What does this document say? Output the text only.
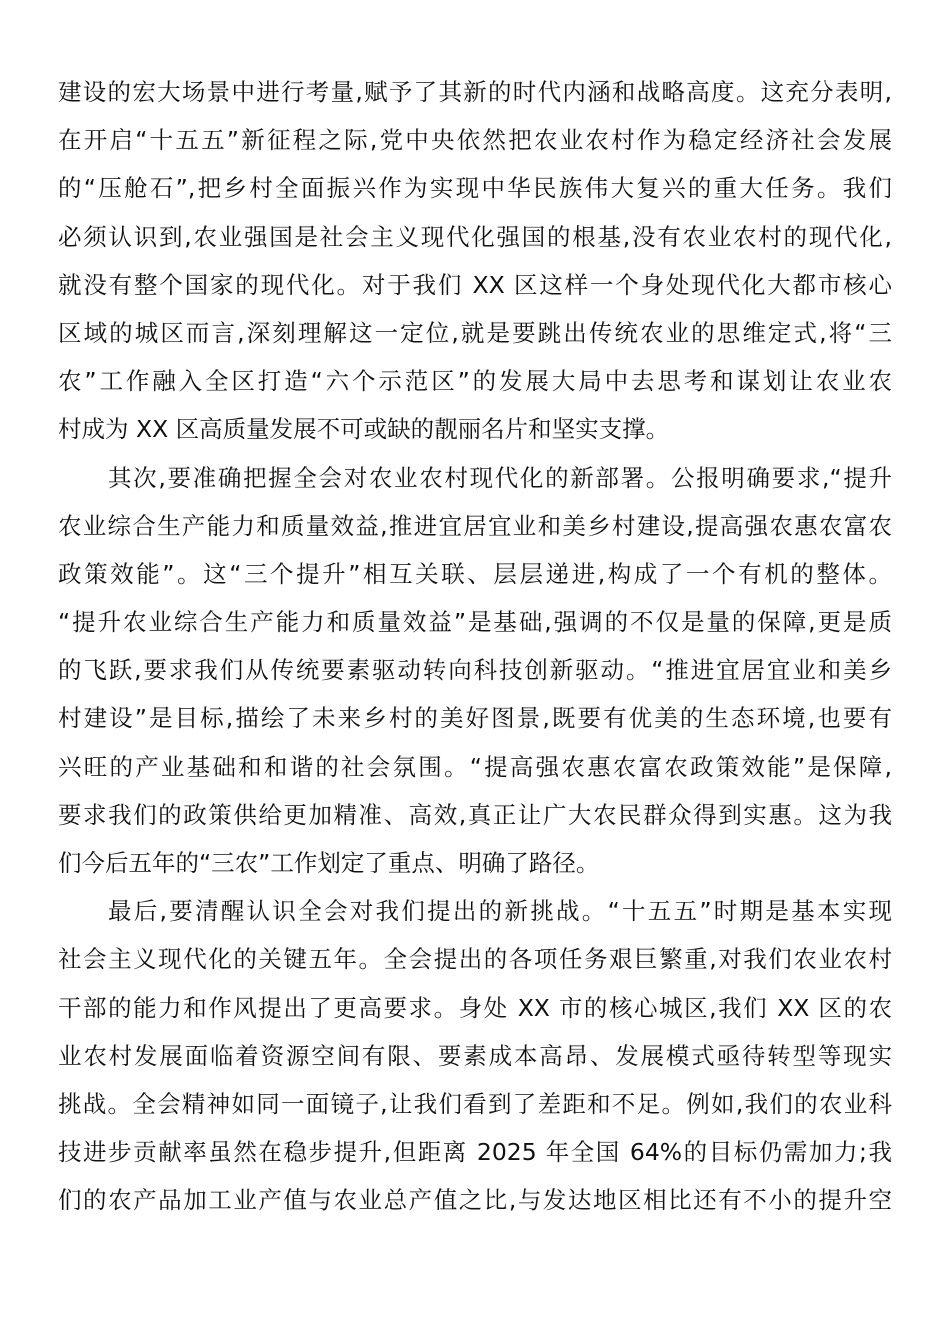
建设的宏大场景中进行考量,赋予了其新的时代内涵和战略高度。这充分表明,
在开启“十五五”新征程之际,党中央依然把农业农村作为稳定经济社会发展
的“压舱石”,把乡村全面振兴作为实现中华民族伟大复兴的重大任务。我们
必须认识到,农业强国是社会主义现代化强国的根基,没有农业农村的现代化,
就没有整个国家的现代化。对于我们 XX 区这样一个身处现代化大都市核心
区域的城区而言,深刻理解这一定位,就是要跳出传统农业的思维定式,将“三
农”工作融入全区打造“六个示范区”的发展大局中去思考和谋划让农业农
村成为 XX 区高质量发展不可或缺的靓丽名片和坚实支撑。
其次,要准确把握全会对农业农村现代化的新部署。公报明确要求,“提升
农业综合生产能力和质量效益,推进宜居宜业和美乡村建设,提高强农惠农富农
政策效能”。这“三个提升”相互关联、层层递进,构成了一个有机的整体。
“提升农业综合生产能力和质量效益”是基础,强调的不仅是量的保障,更是质
的飞跃,要求我们从传统要素驱动转向科技创新驱动。“推进宜居宜业和美乡
村建设”是目标,描绘了未来乡村的美好图景,既要有优美的生态环境,也要有
兴旺的产业基础和和谐的社会氛围。“提高强农惠农富农政策效能”是保障,
要求我们的政策供给更加精准、高效,真正让广大农民群众得到实惠。这为我
们今后五年的“三农”工作划定了重点、明确了路径。
最后,要清醒认识全会对我们提出的新挑战。“十五五”时期是基本实现
社会主义现代化的关键五年。全会提出的各项任务艰巨繁重,对我们农业农村
干部的能力和作风提出了更高要求。身处 XX 市的核心城区,我们 XX 区的农
业农村发展面临着资源空间有限、要素成本高昂、发展模式亟待转型等现实
挑战。全会精神如同一面镜子,让我们看到了差距和不足。例如,我们的农业科
技进步贡献率虽然在稳步提升,但距离 2025 年全国 64%的目标仍需加力;我
们的农产品加工业产值与农业总产值之比,与发达地区相比还有不小的提升空
